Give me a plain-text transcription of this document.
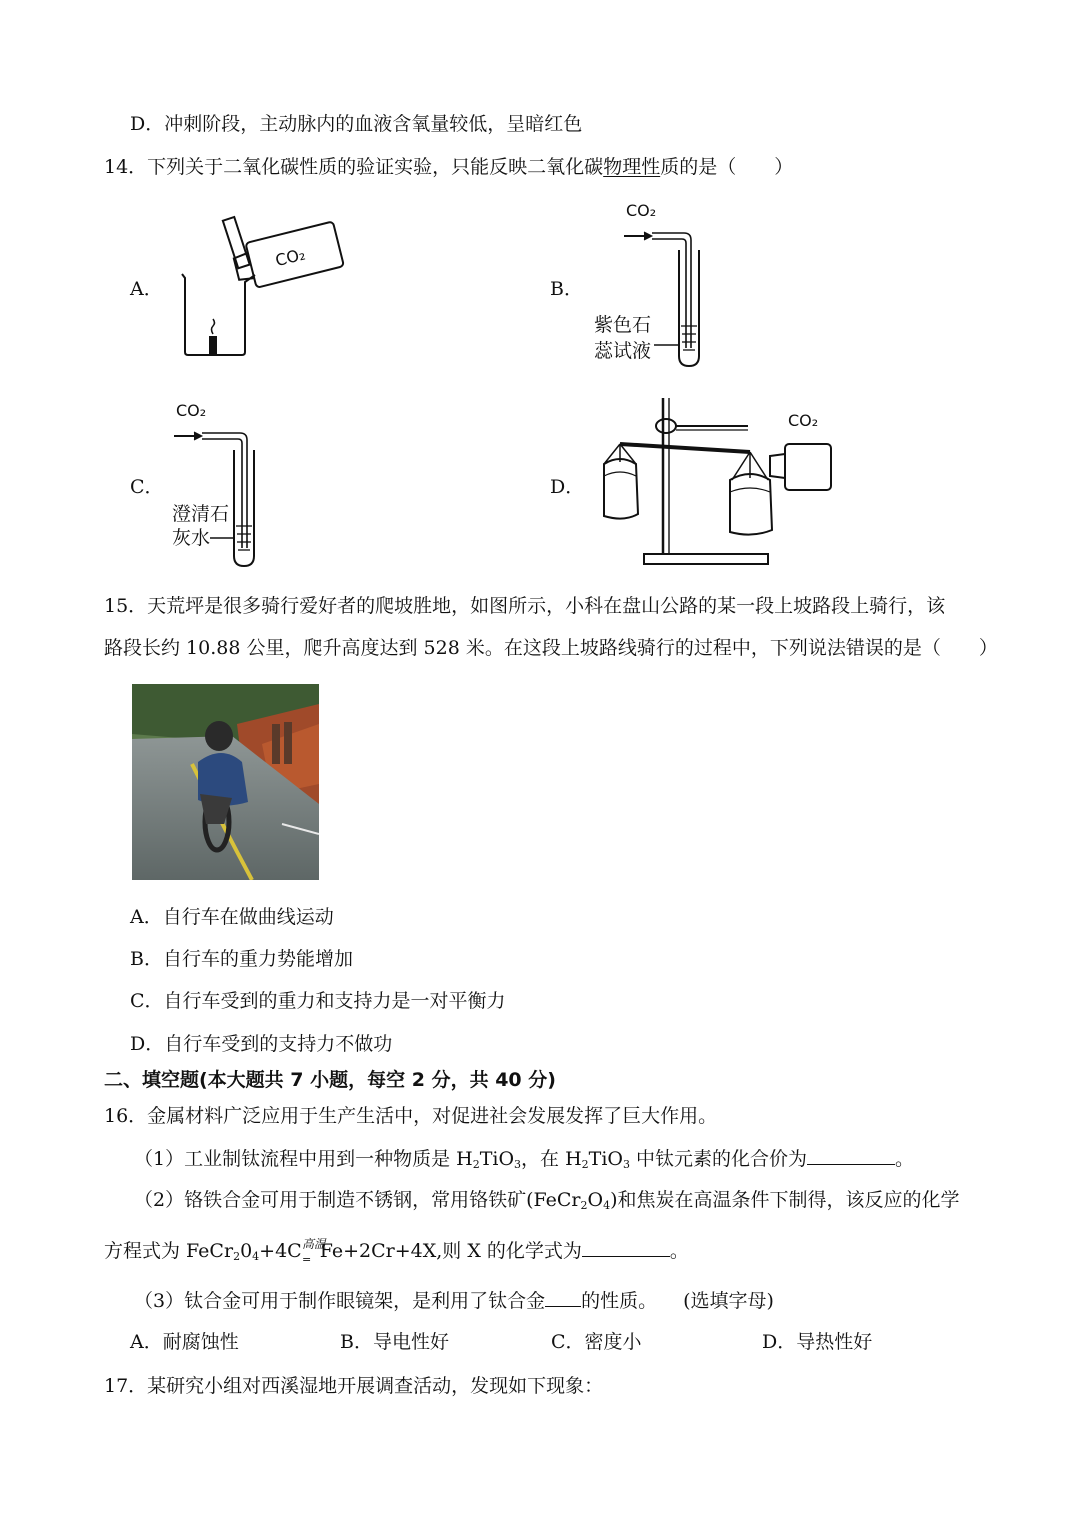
D．冲刺阶段，主动脉内的血液含氧量较低，呈暗红色
14．下列关于二氧化碳性质的验证实验，只能反映二氧化碳物理性质的是（　　）
A．	B．
C．	D．
CO₂
CO₂
紫色石
蕊试液
CO₂
澄清石
灰水
CO₂
15．天荒坪是很多骑行爱好者的爬坡胜地，如图所示，小科在盘山公路的某一段上坡路段上骑行，该
路段长约 10.88 公里，爬升高度达到 528 米。在这段上坡路线骑行的过程中，下列说法错误的是（　　）
A．自行车在做曲线运动
B．自行车的重力势能增加
C．自行车受到的重力和支持力是一对平衡力
D．自行车受到的支持力不做功
二、填空题(本大题共 7 小题，每空 2 分，共 40 分)
16．金属材料广泛应用于生产生活中，对促进社会发展发挥了巨大作用。
（1）工业制钛流程中用到一种物质是 $H_2TiO_3$，在 $H_2TiO_3$ 中钛元素的化合价为	。
（2）铬铁合金可用于制造不锈钢，常用铬铁矿$(FeCr_2O_4)$和焦炭在高温条件下制得，该反应的化学
方程式为 $FeCr_20_4+4C$ Fe+2Cr+4X,则 X 的化学式为	。
高温
=
（3）钛合金可用于制作眼镜架，是利用了钛合金 的性质。 (选填字母)
A．耐腐蚀性	B．导电性好	C．密度小	D．导热性好
17．某研究小组对西溪湿地开展调查活动，发现如下现象：
